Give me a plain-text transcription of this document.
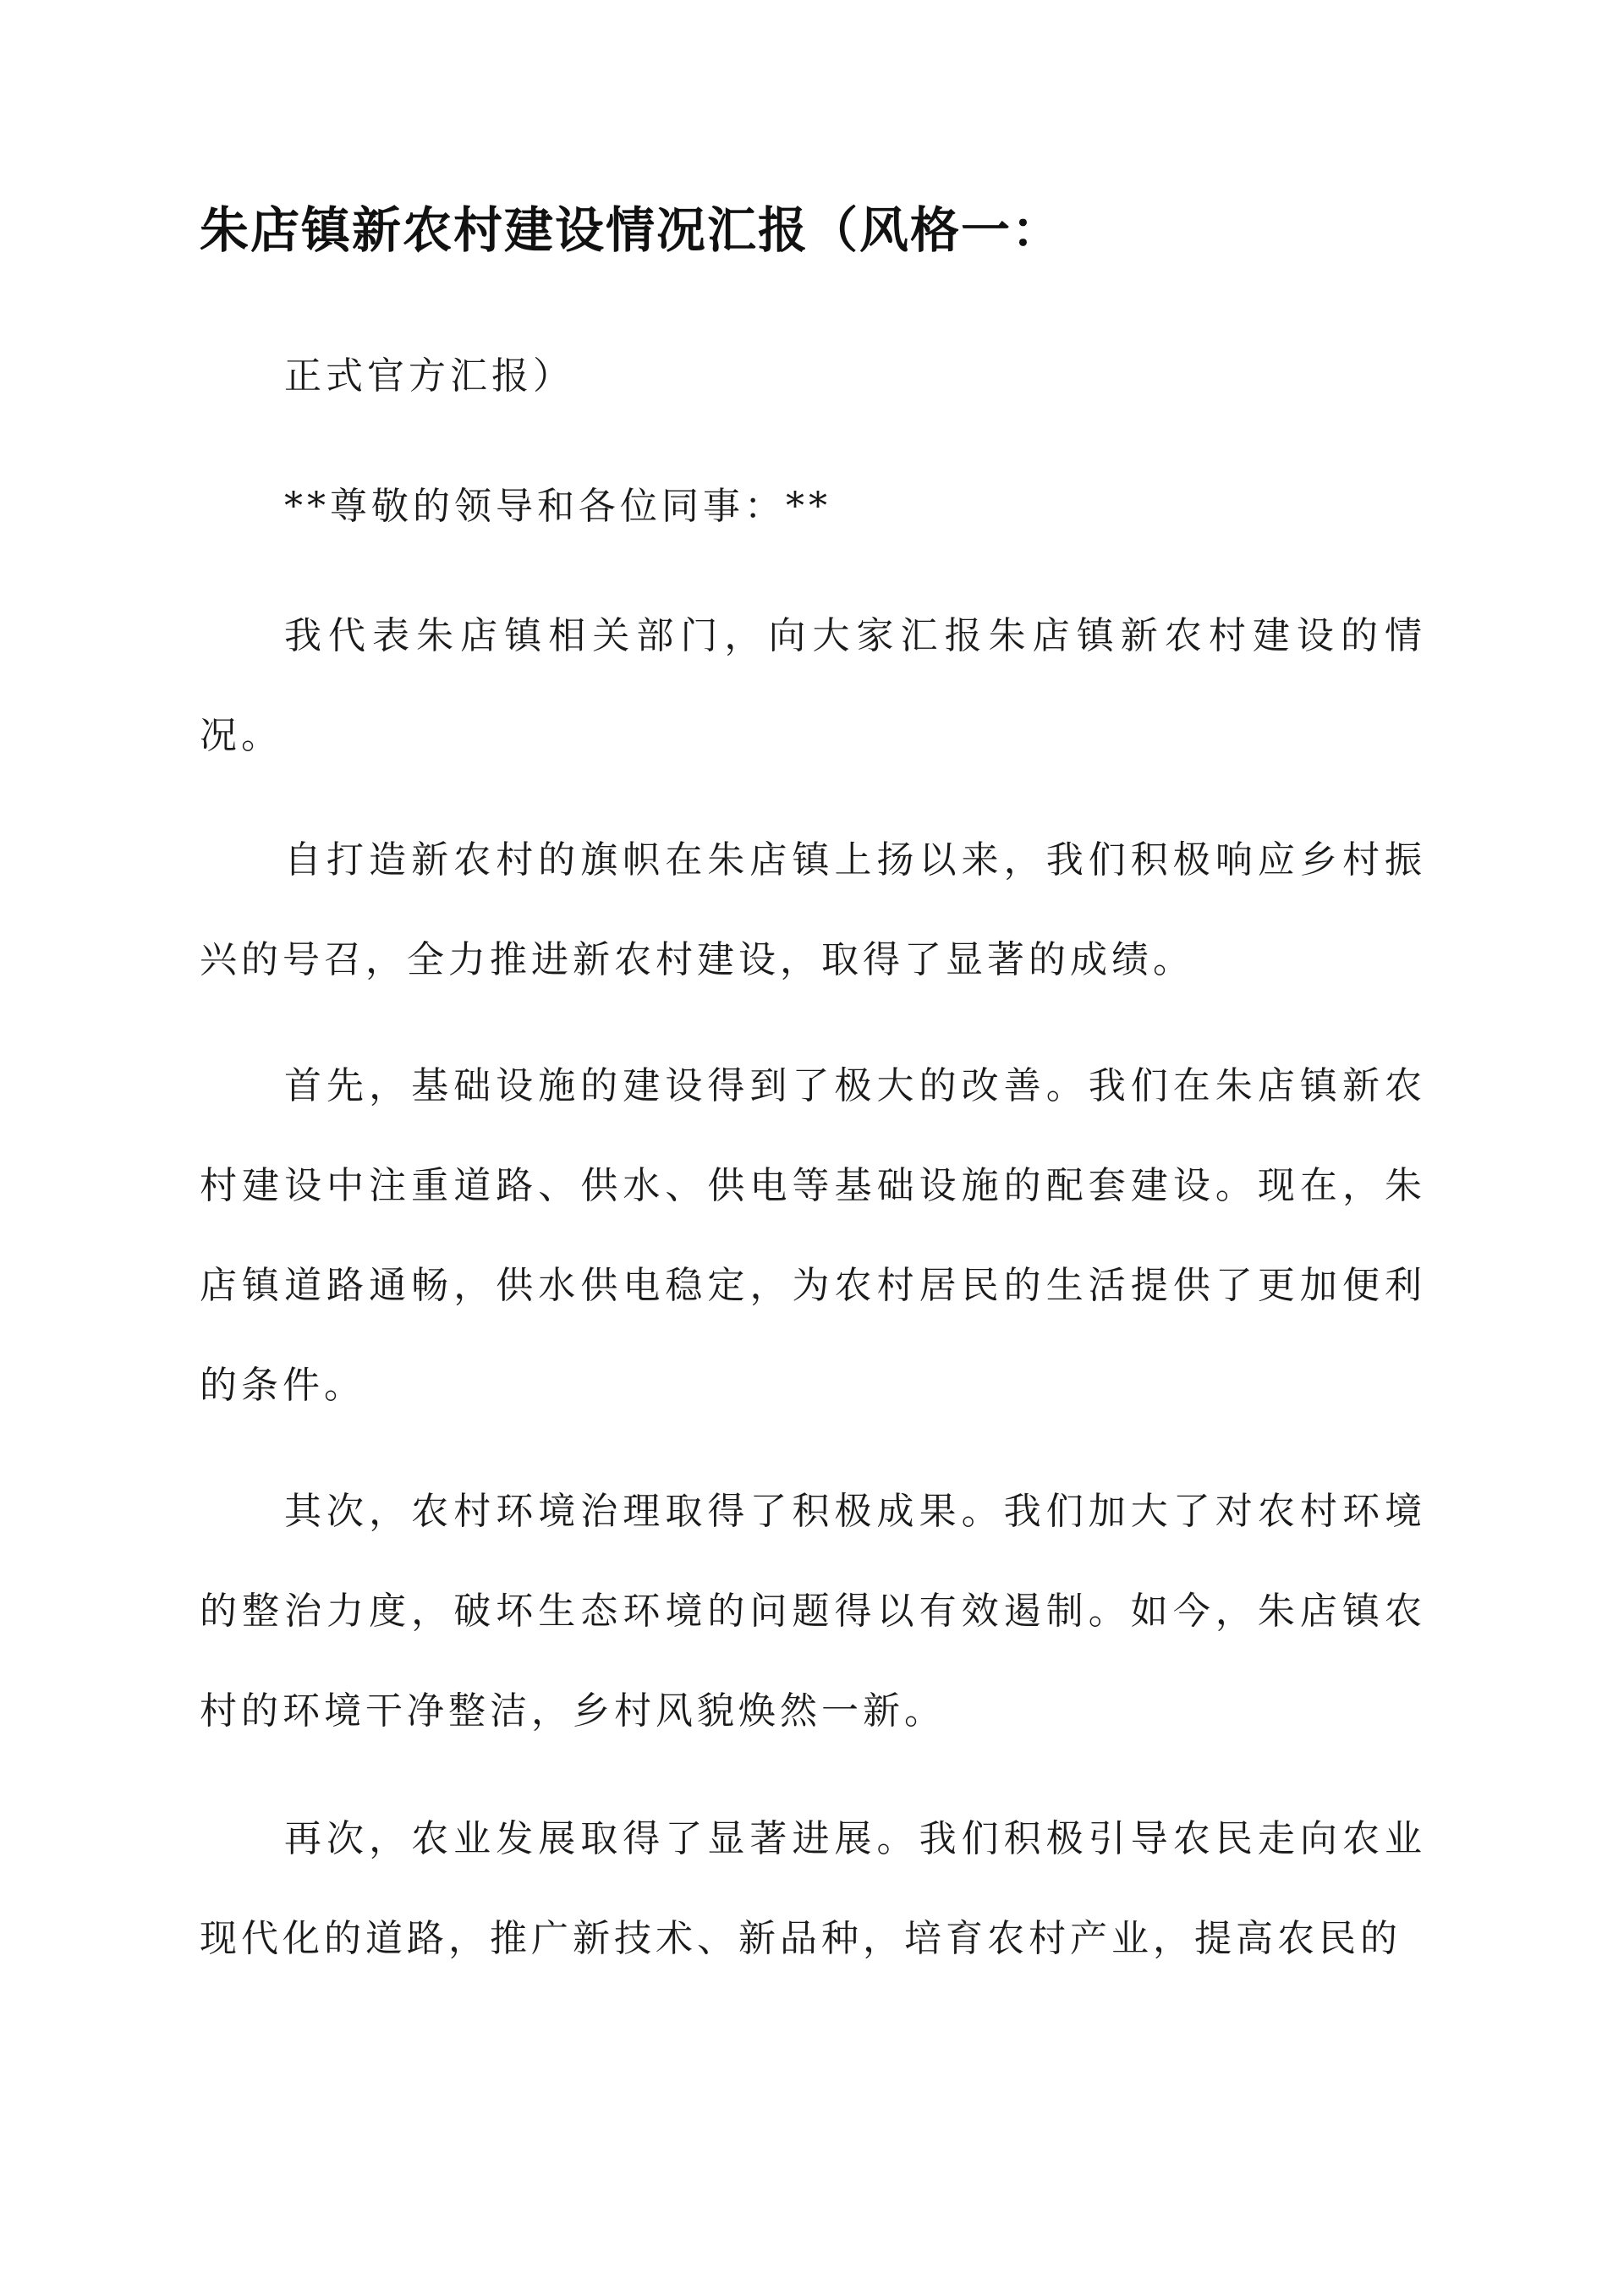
朱店镇新农村建设情况汇报（风格一：

正式官方汇报）

**尊敬的领导和各位同事：**

我代表朱店镇相关部门，向大家汇报朱店镇新农村建设的情况。

自打造新农村的旗帜在朱店镇上扬以来，我们积极响应乡村振兴的号召，全力推进新农村建设，取得了显著的成绩。

首先，基础设施的建设得到了极大的改善。我们在朱店镇新农村建设中注重道路、供水、供电等基础设施的配套建设。现在，朱店镇道路通畅，供水供电稳定，为农村居民的生活提供了更加便利的条件。

其次，农村环境治理取得了积极成果。我们加大了对农村环境的整治力度，破坏生态环境的问题得以有效遏制。如今，朱店镇农村的环境干净整洁，乡村风貌焕然一新。

再次，农业发展取得了显著进展。我们积极引导农民走向农业现代化的道路，推广新技术、新品种，培育农村产业，提高农民的
